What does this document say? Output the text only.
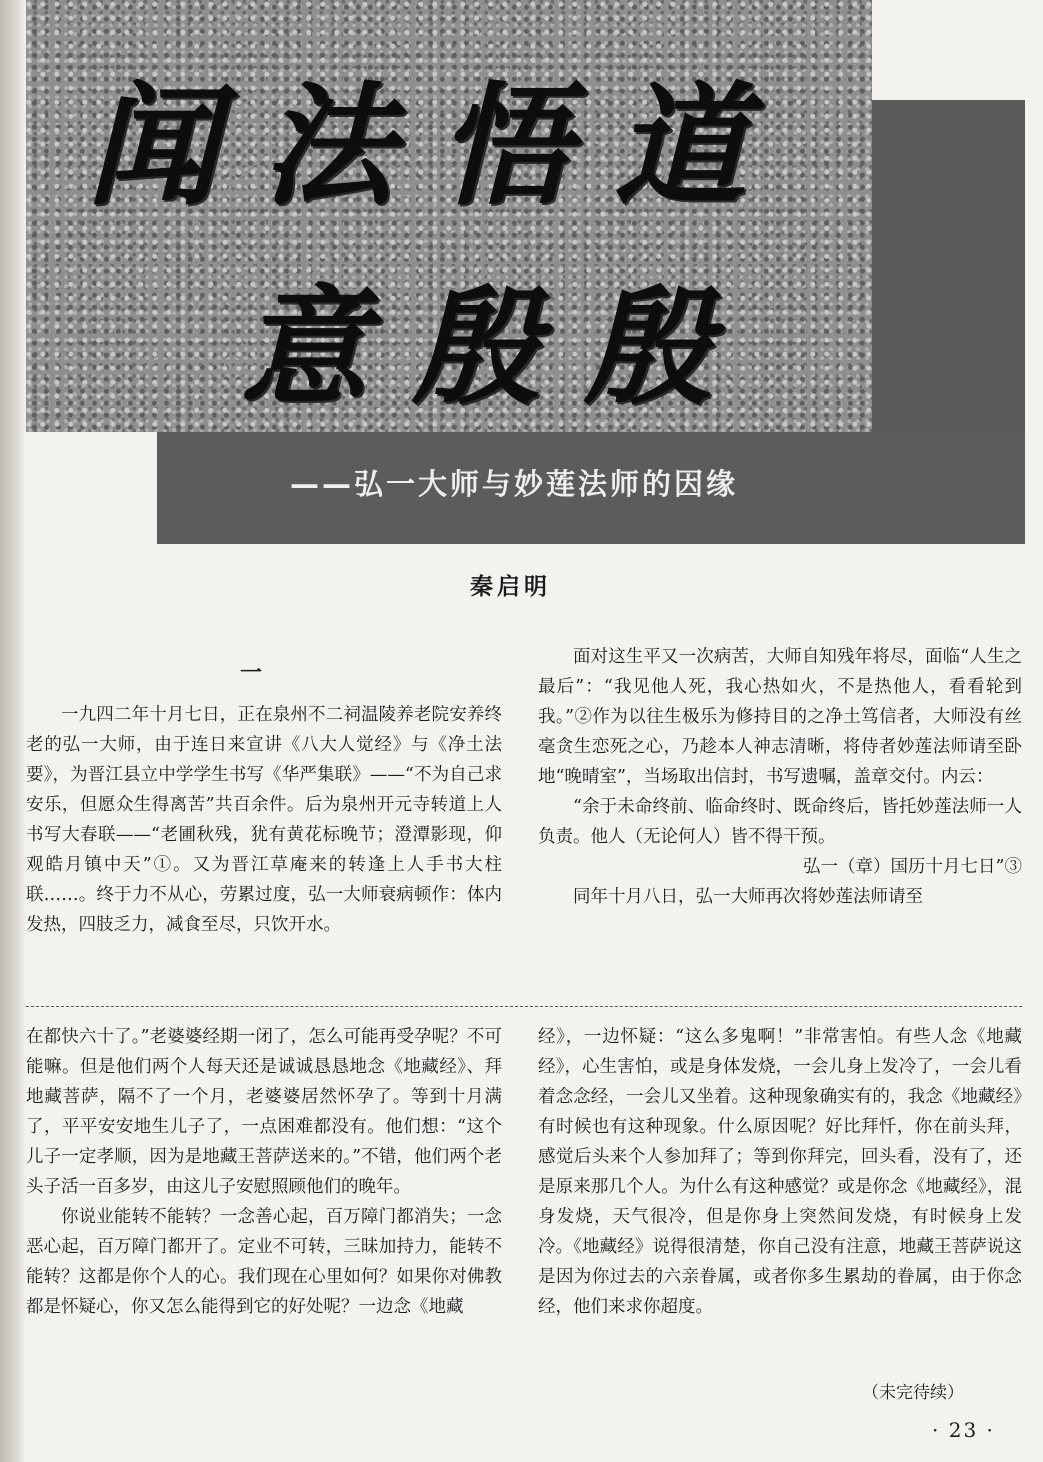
闻法悟道
意殷殷
——弘一大师与妙莲法师的因缘
秦启明
一

一九四二年十月七日，正在泉州不二祠温陵养老院安养终老的弘一大师，由于连日来宣讲《八大人觉经》与《净土法要》，为晋江县立中学学生书写《华严集联》——“不为自己求安乐，但愿众生得离苦”共百余件。后为泉州开元寺转道上人书写大春联——“老圃秋残，犹有黄花标晚节；澄潭影现，仰观皓月镇中天”①。又为晋江草庵来的转逢上人手书大柱联……。终于力不从心，劳累过度，弘一大师衰病顿作：体内发热，四肢乏力，减食至尽，只饮开水。

面对这生平又一次病苦，大师自知残年将尽，面临“人生之最后”：“我见他人死，我心热如火，不是热他人，看看轮到我。”②作为以往生极乐为修持目的之净土笃信者，大师没有丝毫贪生恋死之心，乃趁本人神志清晰，将侍者妙莲法师请至卧地“晚晴室”，当场取出信封，书写遗嘱，盖章交付。内云：

“余于未命终前、临命终时、既命终后，皆托妙莲法师一人负责。他人（无论何人）皆不得干预。

弘一（章）国历十月七日”③

同年十月八日，弘一大师再次将妙莲法师请至

在都快六十了。”老婆婆经期一闭了，怎么可能再受孕呢？不可能嘛。但是他们两个人每天还是诚诚恳恳地念《地藏经》、拜地藏菩萨，隔不了一个月，老婆婆居然怀孕了。等到十月满了，平平安安地生儿子了，一点困难都没有。他们想：“这个儿子一定孝顺，因为是地藏王菩萨送来的。”不错，他们两个老头子活一百多岁，由这儿子安慰照顾他们的晚年。

你说业能转不能转？一念善心起，百万障门都消失；一念恶心起，百万障门都开了。定业不可转，三昧加持力，能转不能转？这都是你个人的心。我们现在心里如何？如果你对佛教都是怀疑心，你又怎么能得到它的好处呢？一边念《地藏

经》，一边怀疑：“这么多鬼啊！”非常害怕。有些人念《地藏经》，心生害怕，或是身体发烧，一会儿身上发冷了，一会儿看着念念经，一会儿又坐着。这种现象确实有的，我念《地藏经》有时候也有这种现象。什么原因呢？好比拜忏，你在前头拜，感觉后头来个人参加拜了；等到你拜完，回头看，没有了，还是原来那几个人。为什么有这种感觉？或是你念《地藏经》，混身发烧，天气很冷，但是你身上突然间发烧，有时候身上发冷。《地藏经》说得很清楚，你自己没有注意，地藏王菩萨说这是因为你过去的六亲眷属，或者你多生累劫的眷属，由于你念经，他们来求你超度。

（未完待续）
· 23 ·
